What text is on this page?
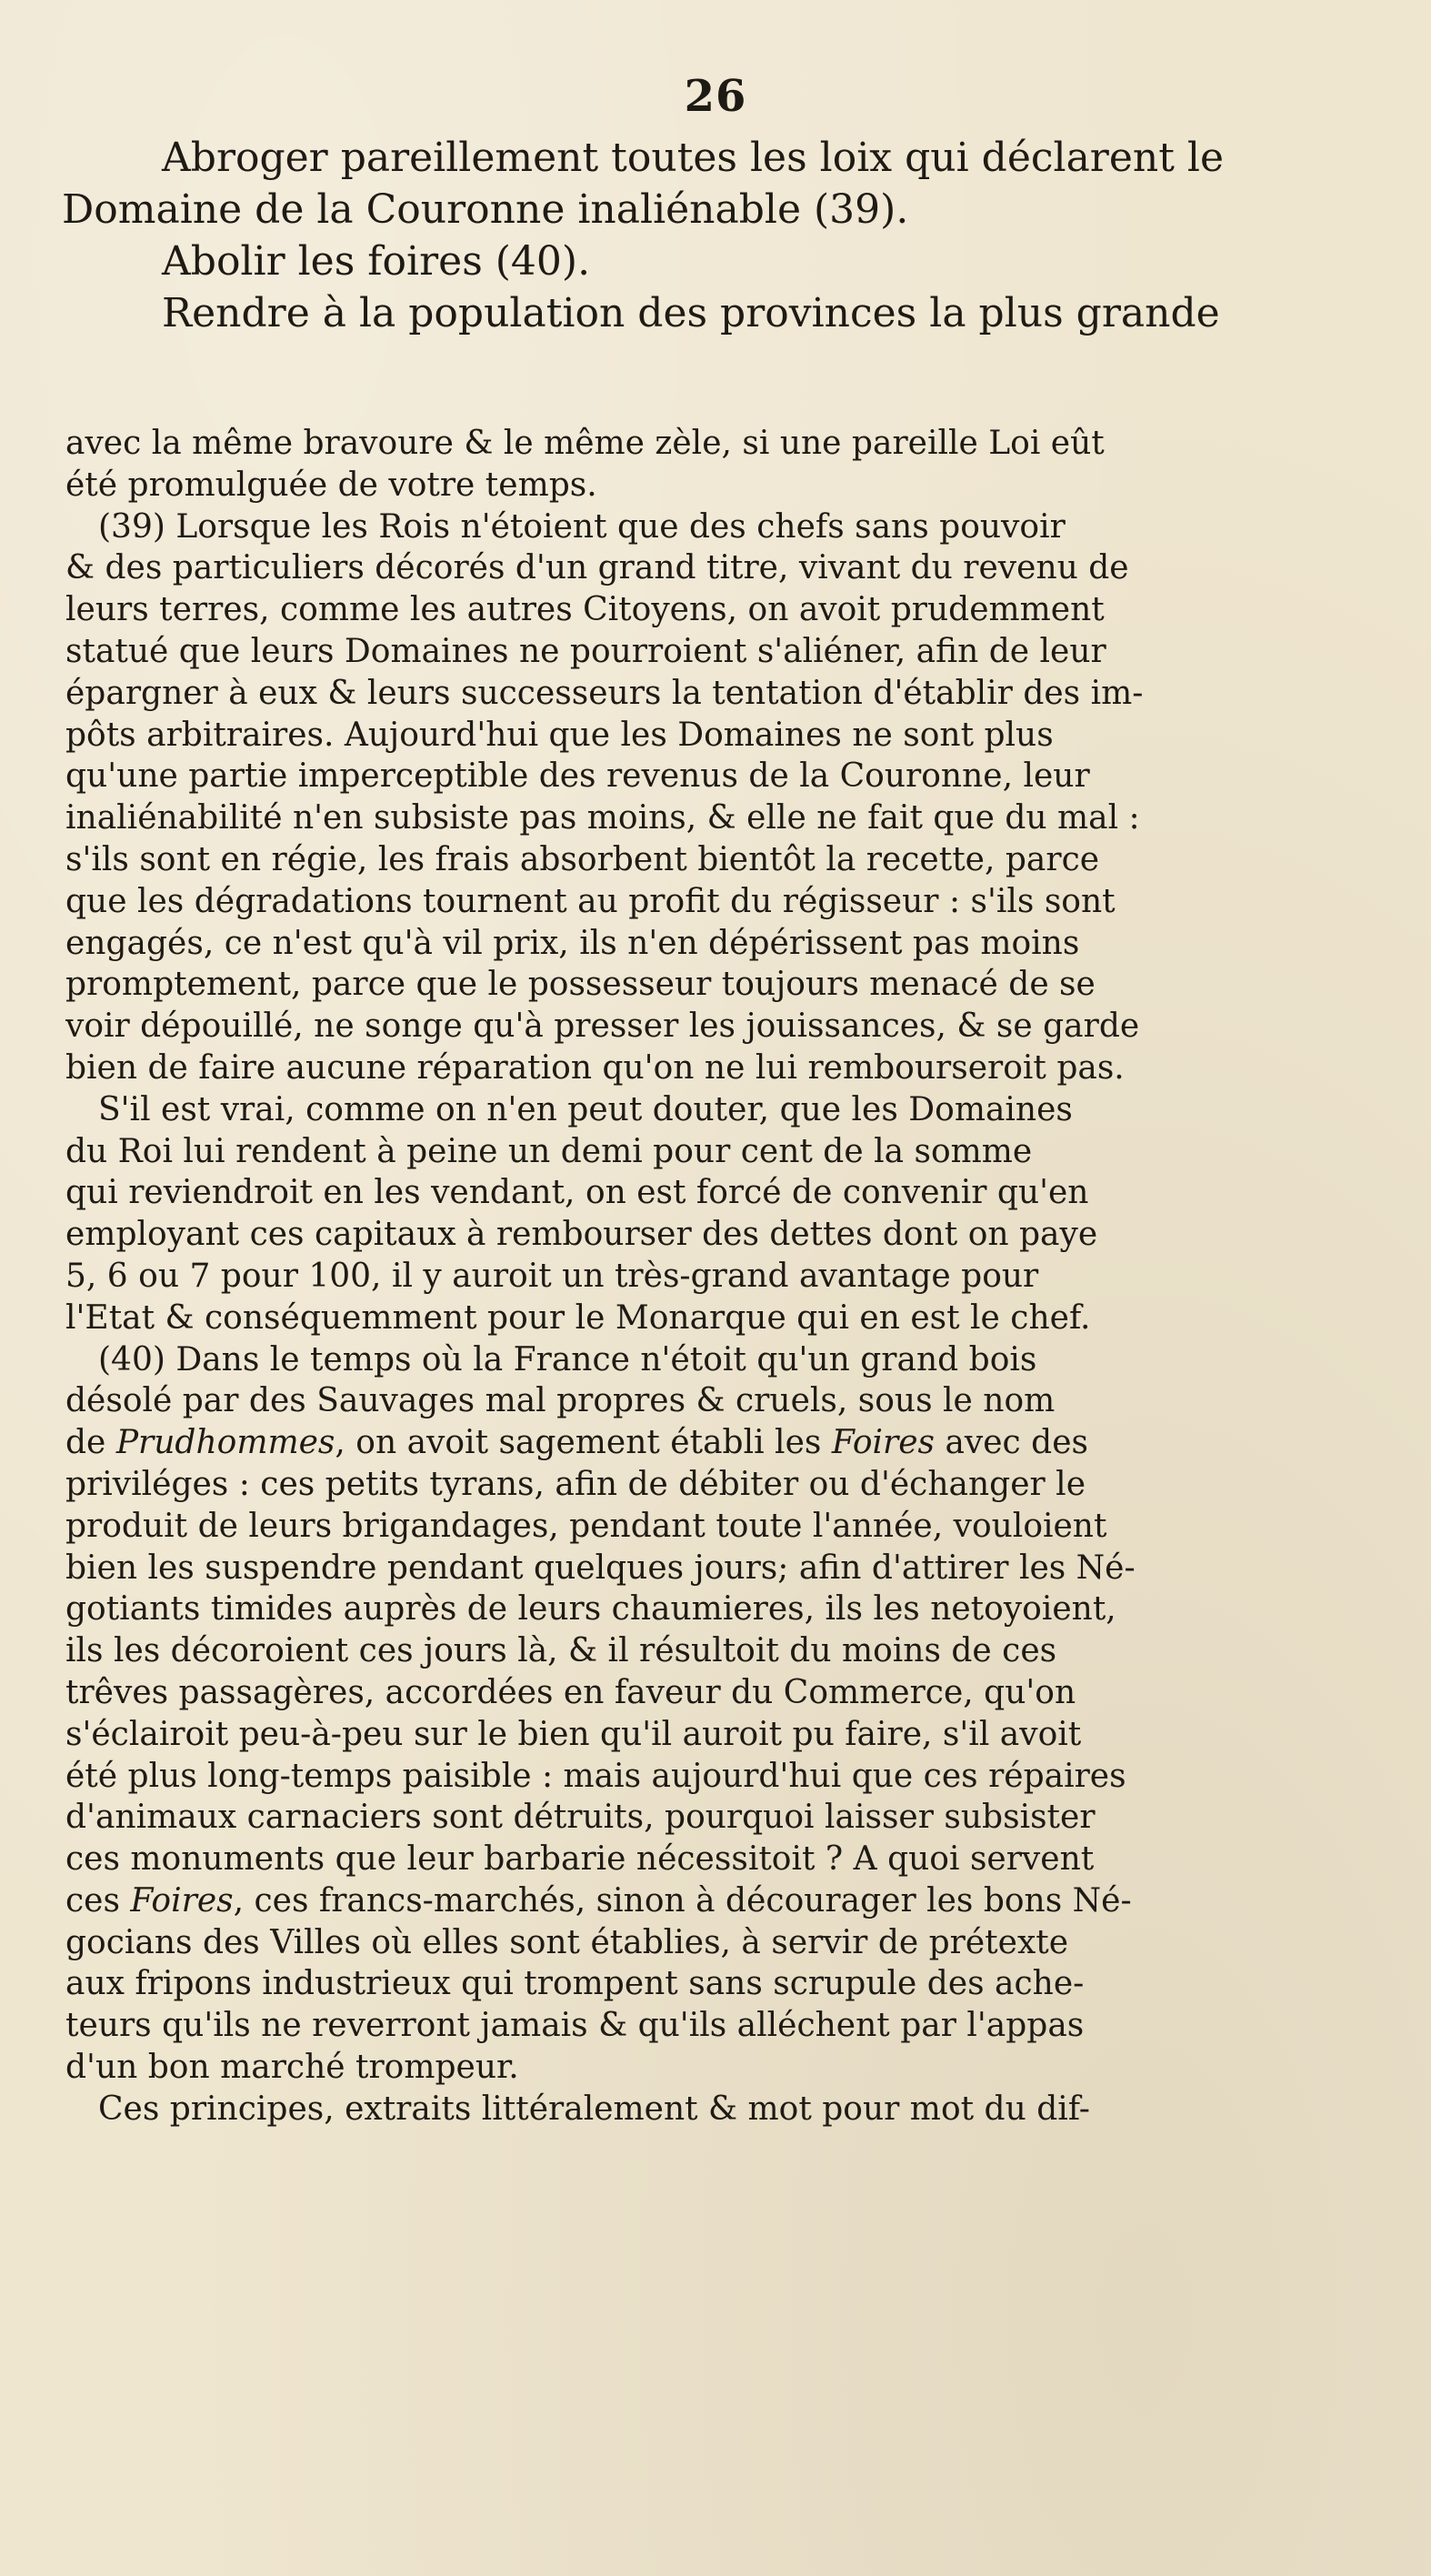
26

Abroger pareillement toutes les loix qui déclarent le

Domaine de la Couronne inaliénable (39).

Abolir les foires (40).

Rendre à la population des provinces la plus grande

avec la même bravoure & le même zèle, si une pareille Loi eût

été promulguée de votre temps.

(39) Lorsque les Rois n'étoient que des chefs sans pouvoir

& des particuliers décorés d'un grand titre, vivant du revenu de

leurs terres, comme les autres Citoyens, on avoit prudemment

statué que leurs Domaines ne pourroient s'aliéner, afin de leur

épargner à eux & leurs successeurs la tentation d'établir des im-

pôts arbitraires. Aujourd'hui que les Domaines ne sont plus

qu'une partie imperceptible des revenus de la Couronne, leur

inaliénabilité n'en subsiste pas moins, & elle ne fait que du mal :

s'ils sont en régie, les frais absorbent bientôt la recette, parce

que les dégradations tournent au profit du régisseur : s'ils sont

engagés, ce n'est qu'à vil prix, ils n'en dépérissent pas moins

promptement, parce que le possesseur toujours menacé de se

voir dépouillé, ne songe qu'à presser les jouissances, & se garde

bien de faire aucune réparation qu'on ne lui rembourseroit pas.

S'il est vrai, comme on n'en peut douter, que les Domaines

du Roi lui rendent à peine un demi pour cent de la somme

qui reviendroit en les vendant, on est forcé de convenir qu'en

employant ces capitaux à rembourser des dettes dont on paye

5, 6 ou 7 pour 100, il y auroit un très-grand avantage pour

l'Etat & conséquemment pour le Monarque qui en est le chef.

(40) Dans le temps où la France n'étoit qu'un grand bois

désolé par des Sauvages mal propres & cruels, sous le nom

de Prudhommes, on avoit sagement établi les Foires avec des

priviléges : ces petits tyrans, afin de débiter ou d'échanger le

produit de leurs brigandages, pendant toute l'année, vouloient

bien les suspendre pendant quelques jours; afin d'attirer les Né-

gotiants timides auprès de leurs chaumieres, ils les netoyoient,

ils les décoroient ces jours là, & il résultoit du moins de ces

trêves passagères, accordées en faveur du Commerce, qu'on

s'éclairoit peu-à-peu sur le bien qu'il auroit pu faire, s'il avoit

été plus long-temps paisible : mais aujourd'hui que ces répaires

d'animaux carnaciers sont détruits, pourquoi laisser subsister

ces monuments que leur barbarie nécessitoit ? A quoi servent

ces Foires, ces francs-marchés, sinon à décourager les bons Né-

gocians des Villes où elles sont établies, à servir de prétexte

aux fripons industrieux qui trompent sans scrupule des ache-

teurs qu'ils ne reverront jamais & qu'ils alléchent par l'appas

d'un bon marché trompeur.

Ces principes, extraits littéralement & mot pour mot du dif-
